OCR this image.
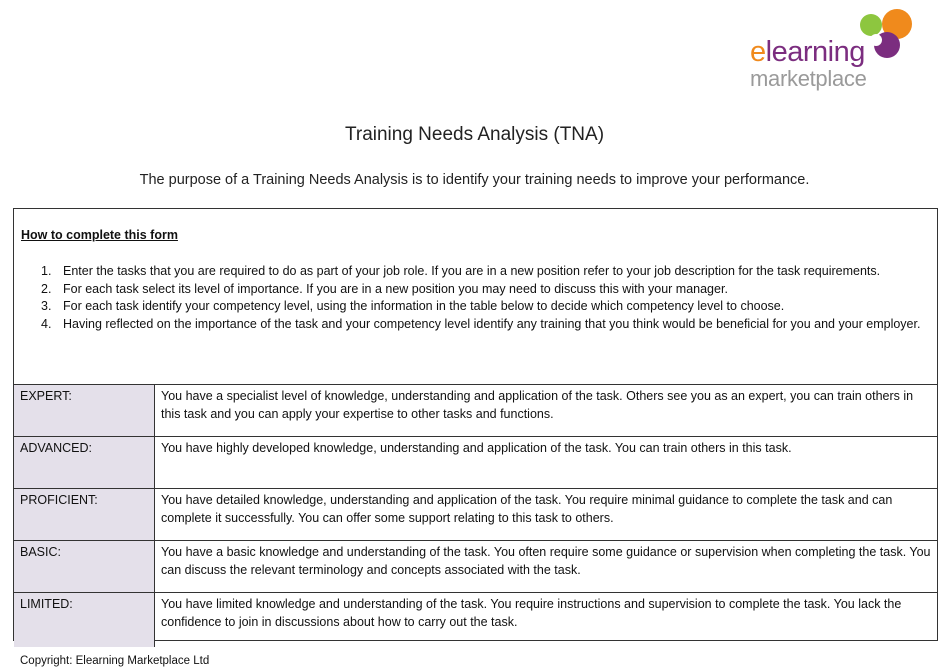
elearning
marketplace
Training Needs Analysis (TNA)
The purpose of a Training Needs Analysis is to identify your training needs to improve your performance.
How to complete this form
1. Enter the tasks that you are required to do as part of your job role. If you are in a new position refer to your job description for the task requirements.
2. For each task select its level of importance. If you are in a new position you may need to discuss this with your manager.
3. For each task identify your competency level, using the information in the table below to decide which competency level to choose.
4. Having reflected on the importance of the task and your competency level identify any training that you think would be beneficial for you and your employer.
EXPERT:	You have a specialist level of knowledge, understanding and application of the task. Others see you as an expert, you can train others in this task and you can apply your expertise to other tasks and functions.
ADVANCED:	You have highly developed knowledge, understanding and application of the task. You can train others in this task.
PROFICIENT:	You have detailed knowledge, understanding and application of the task. You require minimal guidance to complete the task and can complete it successfully. You can offer some support relating to this task to others.
BASIC:	You have a basic knowledge and understanding of the task. You often require some guidance or supervision when completing the task. You can discuss the relevant terminology and concepts associated with the task.
LIMITED:	You have limited knowledge and understanding of the task. You require instructions and supervision to complete the task. You lack the confidence to join in discussions about how to carry out the task.
Copyright: Elearning Marketplace Ltd
